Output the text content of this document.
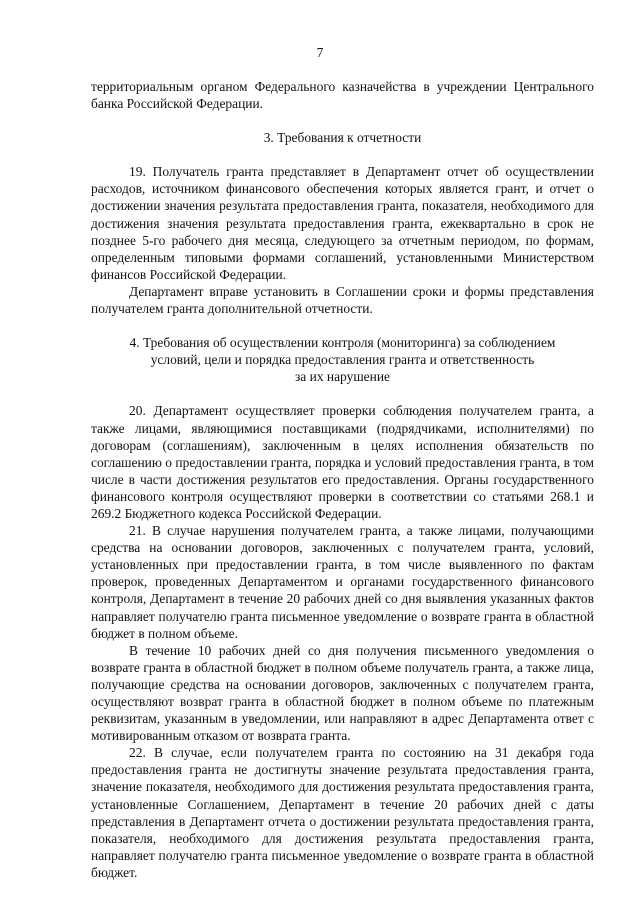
7

территориальным органом Федерального казначейства в учреждении Центрального банка Российской Федерации.

3. Требования к отчетности

19. Получатель гранта представляет в Департамент отчет об осуществлении расходов, источником финансового обеспечения которых является грант, и отчет о достижении значения результата предоставления гранта, показателя, необходимого для достижения значения результата предоставления гранта, ежеквартально в срок не позднее 5-го рабочего дня месяца, следующего за отчетным периодом, по формам, определенным типовыми формами соглашений, установленными Министерством финансов Российской Федерации.

Департамент вправе установить в Соглашении сроки и формы представления получателем гранта дополнительной отчетности.

4. Требования об осуществлении контроля (мониторинга) за соблюдением

условий, цели и порядка предоставления гранта и ответственность

за их нарушение

20. Департамент осуществляет проверки соблюдения получателем гранта, а также лицами, являющимися поставщиками (подрядчиками, исполнителями) по договорам (соглашениям), заключенным в целях исполнения обязательств по соглашению о предоставлении гранта, порядка и условий предоставления гранта, в том числе в части достижения результатов его предоставления. Органы государственного финансового контроля осуществляют проверки в соответствии со статьями 268.1 и 269.2 Бюджетного кодекса Российской Федерации.

21. В случае нарушения получателем гранта, а также лицами, получающими средства на основании договоров, заключенных с получателем гранта, условий, установленных при предоставлении гранта, в том числе выявленного по фактам проверок, проведенных Департаментом и органами государственного финансового контроля, Департамент в течение 20 рабочих дней со дня выявления указанных фактов направляет получателю гранта письменное уведомление о возврате гранта в областной бюджет в полном объеме.

В течение 10 рабочих дней со дня получения письменного уведомления о возврате гранта в областной бюджет в полном объеме получатель гранта, а также лица, получающие средства на основании договоров, заключенных с получателем гранта, осуществляют возврат гранта в областной бюджет в полном объеме по платежным реквизитам, указанным в уведомлении, или направляют в адрес Департамента ответ с мотивированным отказом от возврата гранта.

22. В случае, если получателем гранта по состоянию на 31 декабря года предоставления гранта не достигнуты значение результата предоставления гранта, значение показателя, необходимого для достижения результата предоставления гранта, установленные Соглашением, Департамент в течение 20 рабочих дней с даты представления в Департамент отчета о достижении результата предоставления гранта, показателя, необходимого для достижения результата предоставления гранта, направляет получателю гранта письменное уведомление о возврате гранта в областной бюджет.
